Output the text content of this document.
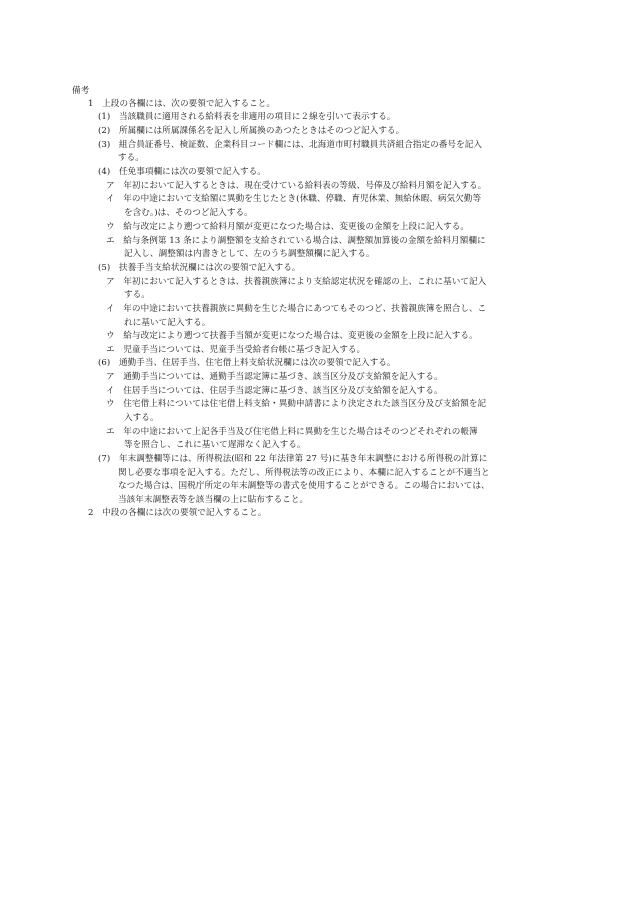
備考
1　上段の各欄には、次の要領で記入すること。
(1)　当該職員に適用される給料表を非適用の項目に２線を引いて表示する。
(2)　所属欄には所属課係名を記入し所属換のあつたときはそのつど記入する。
(3)　組合員証番号、検証数、企業科目コード欄には、北海道市町村職員共済組合指定の番号を記入
する。
(4)　任免事項欄には次の要領で記入する。
ア　年初において記入するときは、現在受けている給料表の等級、号俸及び給料月額を記入する。
イ　年の中途において支給額に異動を生じたとき(休職、停職、育児休業、無給休暇、病気欠勤等
を含む。)は、そのつど記入する。
ウ　給与改定により遡つて給料月額が変更になつた場合は、変更後の金額を上段に記入する。
エ　給与条例第 13 条により調整額を支給されている場合は、調整額加算後の金額を給料月額欄に
記入し、調整額は内書きとして、左のうち調整額欄に記入する。
(5)　扶養手当支給状況欄には次の要領で記入する。
ア　年初において記入するときは、扶養親族簿により支給認定状況を確認の上、これに基いて記入
する。
イ　年の中途において扶養親族に異動を生じた場合にあつてもそのつど、扶養親族簿を照合し、こ
れに基いて記入する。
ウ　給与改定により遡つて扶養手当額が変更になつた場合は、変更後の金額を上段に記入する。
エ　児童手当については、児童手当受給者台帳に基づき記入する。
(6)　通勤手当、住居手当、住宅借上料支給状況欄には次の要領で記入する。
ア　通勤手当については、通勤手当認定簿に基づき、該当区分及び支給額を記入する。
イ　住居手当については、住居手当認定簿に基づき、該当区分及び支給額を記入する。
ウ　住宅借上料については住宅借上料支給・異動申請書により決定された該当区分及び支給額を記
入する。
エ　年の中途において上記各手当及び住宅借上料に異動を生じた場合はそのつどそれぞれの帳簿
等を照合し、これに基いて遅滞なく記入する。
(7)　年末調整欄等には、所得税法(昭和 22 年法律第 27 号)に基き年末調整における所得税の計算に
関し必要な事項を記入する。ただし、所得税法等の改正により、本欄に記入することが不適当と
なつた場合は、国税庁所定の年末調整等の書式を使用することができる。この場合においては、
当該年末調整表等を該当欄の上に貼布すること。
2　中段の各欄には次の要領で記入すること。
